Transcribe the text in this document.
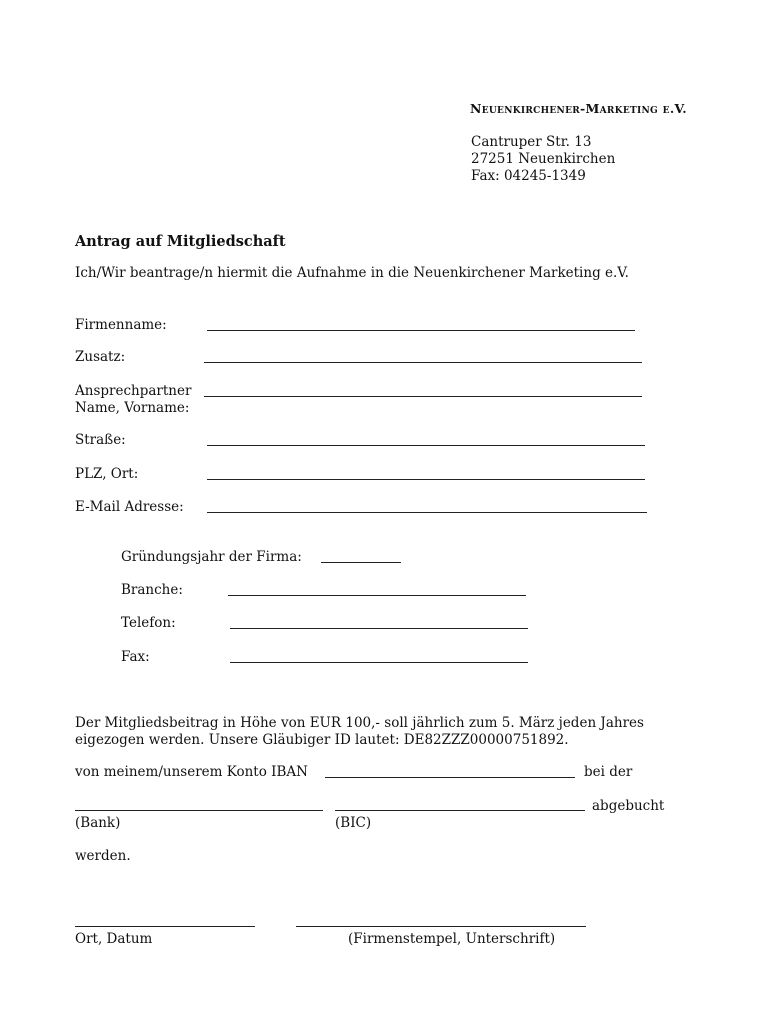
Neuenkirchener-Marketing e.V.
Cantruper Str. 13
27251 Neuenkirchen
Fax: 04245-1349
Antrag auf Mitgliedschaft
Ich/Wir beantrage/n hiermit die Aufnahme in die Neuenkirchener Marketing e.V.
Firmenname:
Zusatz:
Ansprechpartner
Name, Vorname:
Straße:
PLZ, Ort:
E-Mail Adresse:
Gründungsjahr der Firma:
Branche:
Telefon:
Fax:
Der Mitgliedsbeitrag in Höhe von EUR 100,- soll jährlich zum 5. März jeden Jahres
eigezogen werden. Unsere Gläubiger ID lautet: DE82ZZZ00000751892.
von meinem/unserem Konto IBAN	bei der
abgebucht
(Bank)	(BIC)
werden.
Ort, Datum	(Firmenstempel, Unterschrift)
